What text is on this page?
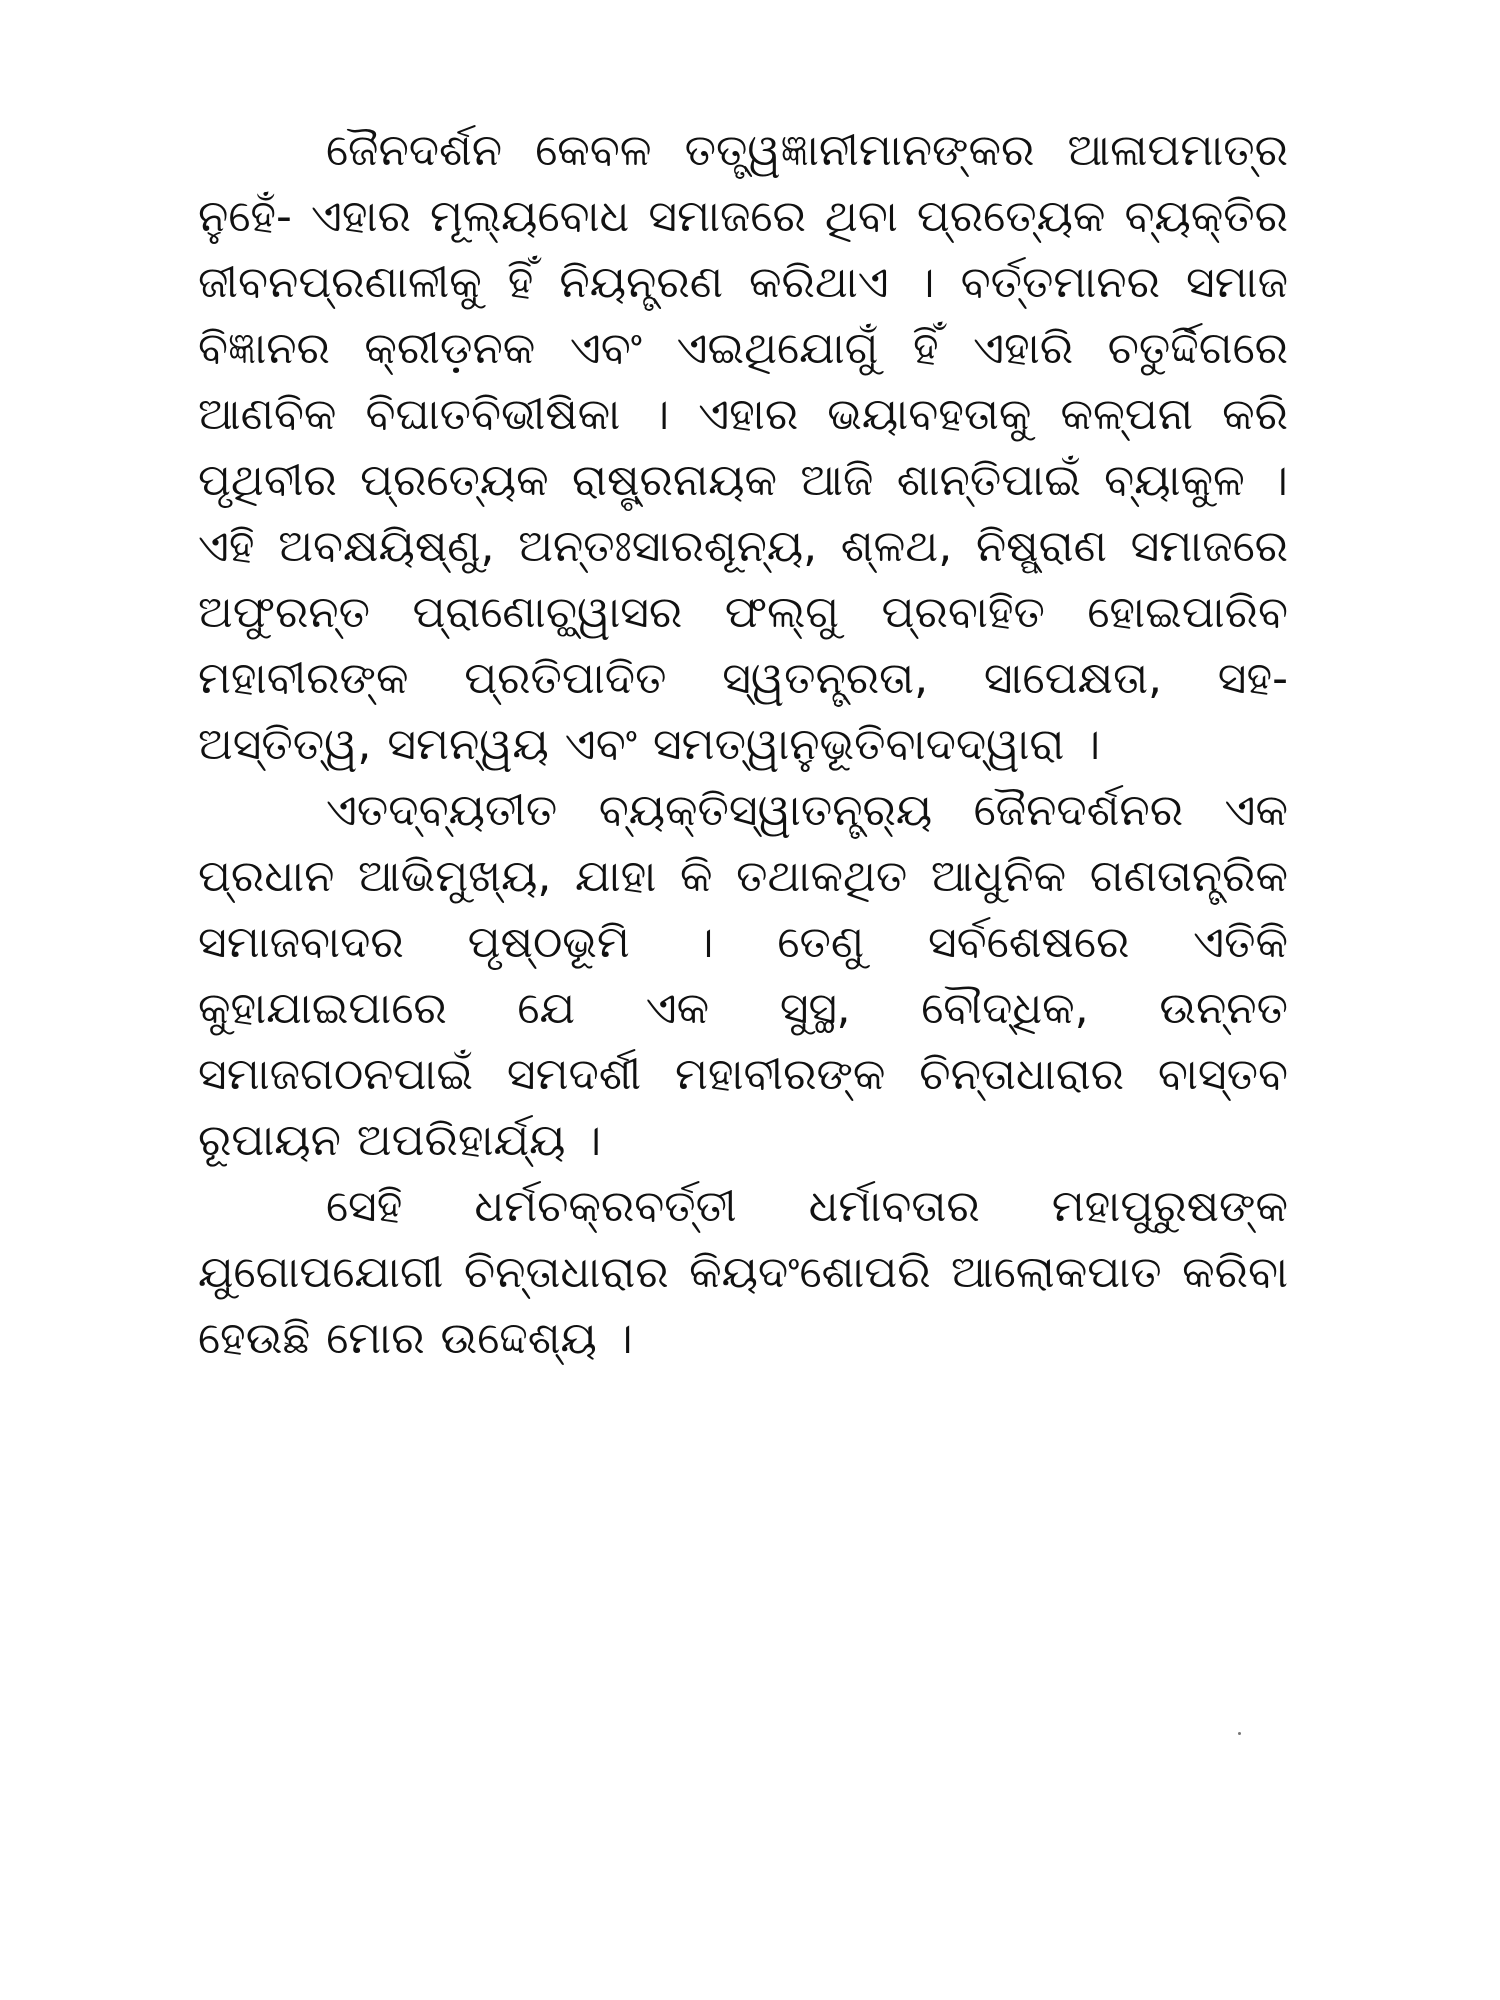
ଜୈନଦର୍ଶନ କେବଳ ତତ୍ତ୍ୱଜ୍ଞାନୀମାନଙ୍କର ଆଳାପମାତ୍ର ନୁହେଁ- ଏହାର ମୂଲ୍ୟବୋଧ ସମାଜରେ ଥିବା ପ୍ରତ୍ୟେକ ବ୍ୟକ୍ତିର ଜୀବନପ୍ରଣାଳୀକୁ ହିଁ ନିୟନ୍ତ୍ରଣ କରିଥାଏ । ବର୍ତ୍ତମାନର ସମାଜ ବିଜ୍ଞାନର କ୍ରୀଡ଼ନକ ଏବଂ ଏଇଥିଯୋଗୁଁ ହିଁ ଏହାରି ଚତୁର୍ଦ୍ଦିଗରେ ଆଣବିକ ବିଘାତବିଭୀଷିକା । ଏହାର ଭୟାବହତାକୁ କଳ୍ପନା କରି ପୃଥିବୀର ପ୍ରତ୍ୟେକ ରାଷ୍ଟ୍ରନାୟକ ଆଜି ଶାନ୍ତିପାଇଁ ବ୍ୟାକୁଳ । ଏହି ଅବକ୍ଷୟିଷ୍ଣୁ, ଅନ୍ତଃସାରଶୂନ୍ୟ, ଶ୍ଳଥ, ନିଷ୍ପ୍ରାଣ ସମାଜରେ ଅଫୁରନ୍ତ ପ୍ରାଣୋଚ୍ଛ୍ୱାସର ଫଲ୍‌ଗୁ ପ୍ରବାହିତ ହୋଇପାରିବ ମହାବୀରଙ୍କ ପ୍ରତିପାଦିତ ସ୍ୱତନ୍ତ୍ରତା, ସାପେକ୍ଷତା, ସହ-ଅସ୍ତିତ୍ୱ, ସମନ୍ୱୟ ଏବଂ ସମତ୍ୱାନୁଭୂତିବାଦଦ୍ୱାରା ।

ଏତଦ୍‌ବ୍ୟତୀତ ବ୍ୟକ୍ତିସ୍ୱାତନ୍ତ୍ର୍ୟ ଜୈନଦର୍ଶନର ଏକ ପ୍ରଧାନ ଆଭିମୁଖ୍ୟ, ଯାହା କି ତଥାକଥିତ ଆଧୁନିକ ଗଣତାନ୍ତ୍ରିକ ସମାଜବାଦର ପୃଷ୍ଠଭୂମି । ତେଣୁ ସର୍ବଶେଷରେ ଏତିକି କୁହାଯାଇପାରେ ଯେ ଏକ ସୁସ୍ଥ, ବୌଦ୍ଧିକ, ଉନ୍ନତ ସମାଜଗଠନପାଇଁ ସମଦର୍ଶୀ ମହାବୀରଙ୍କ ଚିନ୍ତାଧାରାର ବାସ୍ତବ ରୂପାୟନ ଅପରିହାର୍ଯ୍ୟ ।

ସେହି ଧର୍ମଚକ୍ରବର୍ତ୍ତୀ ଧର୍ମାବତାର ମହାପୁରୁଷଙ୍କ ଯୁଗୋପଯୋଗୀ ଚିନ୍ତାଧାରାର କିୟଦଂଶୋପରି ଆଲୋକପାତ କରିବା ହେଉଛି ମୋର ଉଦ୍ଦେଶ୍ୟ ।
